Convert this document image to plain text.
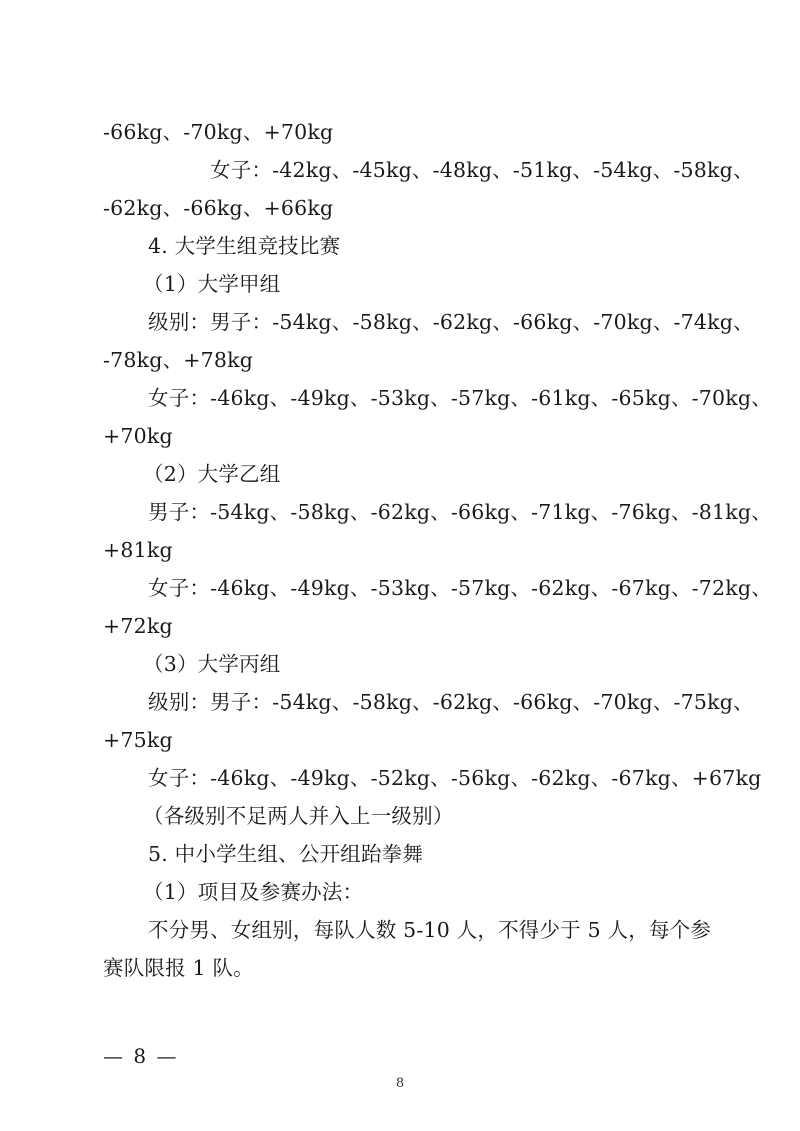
-66kg、-70kg、+70kg
女子：-42kg、-45kg、-48kg、-51kg、-54kg、-58kg、
-62kg、-66kg、+66kg
4. 大学生组竞技比赛
（1）大学甲组
级别：男子：-54kg、-58kg、-62kg、-66kg、-70kg、-74kg、
-78kg、+78kg
女子：-46kg、-49kg、-53kg、-57kg、-61kg、-65kg、-70kg、
+70kg
（2）大学乙组
男子：-54kg、-58kg、-62kg、-66kg、-71kg、-76kg、-81kg、
+81kg
女子：-46kg、-49kg、-53kg、-57kg、-62kg、-67kg、-72kg、
+72kg
（3）大学丙组
级别：男子：-54kg、-58kg、-62kg、-66kg、-70kg、-75kg、
+75kg
女子：-46kg、-49kg、-52kg、-56kg、-62kg、-67kg、+67kg
（各级别不足两人并入上一级别）
5. 中小学生组、公开组跆拳舞
（1）项目及参赛办法：
不分男、女组别，每队人数 5-10 人，不得少于 5 人，每个参
赛队限报 1 队。
— 8 —
8
